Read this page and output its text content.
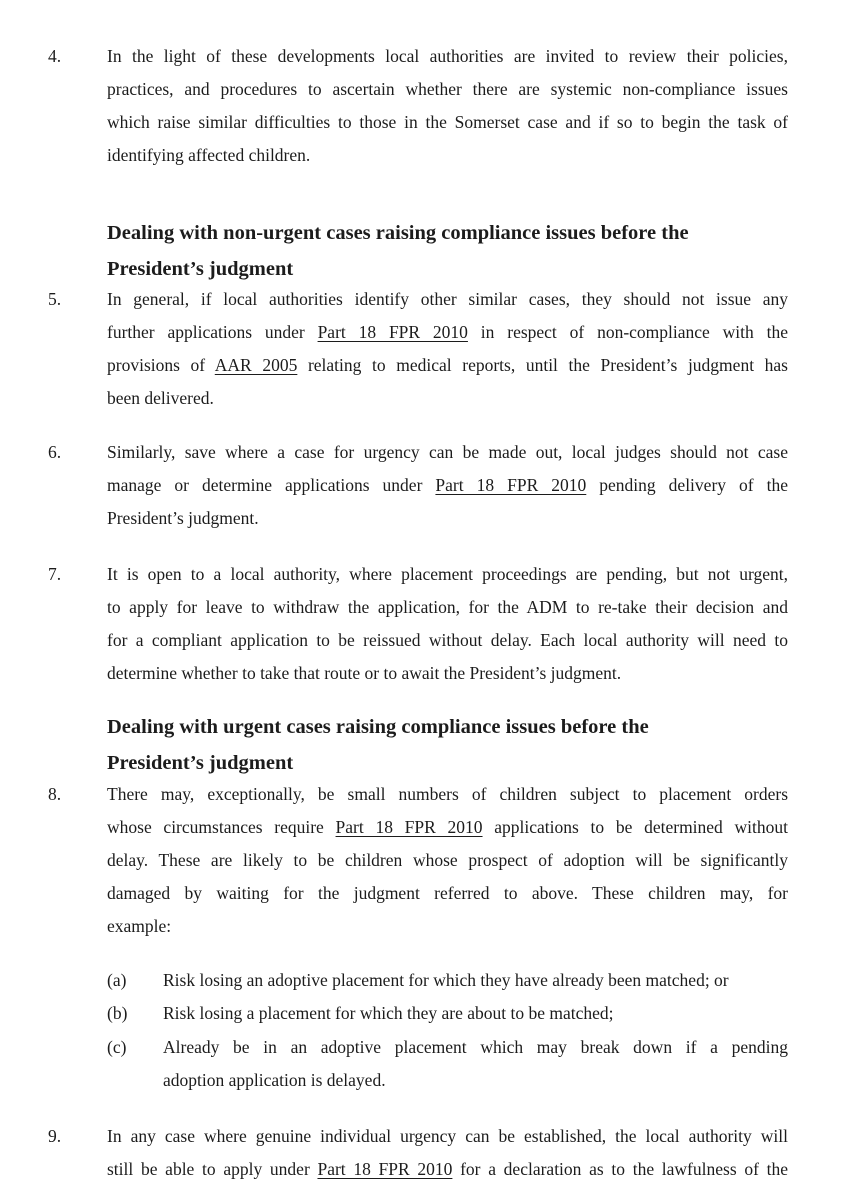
4.	In the light of these developments local authorities are invited to review their policies,
practices, and procedures to ascertain whether there are systemic non-compliance issues
which raise similar difficulties to those in the Somerset case and if so to begin the task of
identifying affected children.
Dealing with non-urgent cases raising compliance issues before the
President’s judgment
5.	In general, if local authorities identify other similar cases, they should not issue any
further applications under Part 18 FPR 2010 in respect of non-compliance with the
provisions of AAR 2005 relating to medical reports, until the President’s judgment has
been delivered.
6.	Similarly, save where a case for urgency can be made out, local judges should not case
manage or determine applications under Part 18 FPR 2010 pending delivery of the
President’s judgment.
7.	It is open to a local authority, where placement proceedings are pending, but not urgent,
to apply for leave to withdraw the application, for the ADM to re-take their decision and
for a compliant application to be reissued without delay. Each local authority will need to
determine whether to take that route or to await the President’s judgment.
Dealing with urgent cases raising compliance issues before the
President’s judgment
8.	There may, exceptionally, be small numbers of children subject to placement orders
whose circumstances require Part 18 FPR 2010 applications to be determined without
delay. These are likely to be children whose prospect of adoption will be significantly
damaged by waiting for the judgment referred to above. These children may, for
example:
(a) Risk losing an adoptive placement for which they have already been matched; or
(b) Risk losing a placement for which they are about to be matched;
(c) Already be in an adoptive placement which may break down if a pending
adoption application is delayed.
9.	In any case where genuine individual urgency can be established, the local authority will
still be able to apply under Part 18 FPR 2010 for a declaration as to the lawfulness of the
